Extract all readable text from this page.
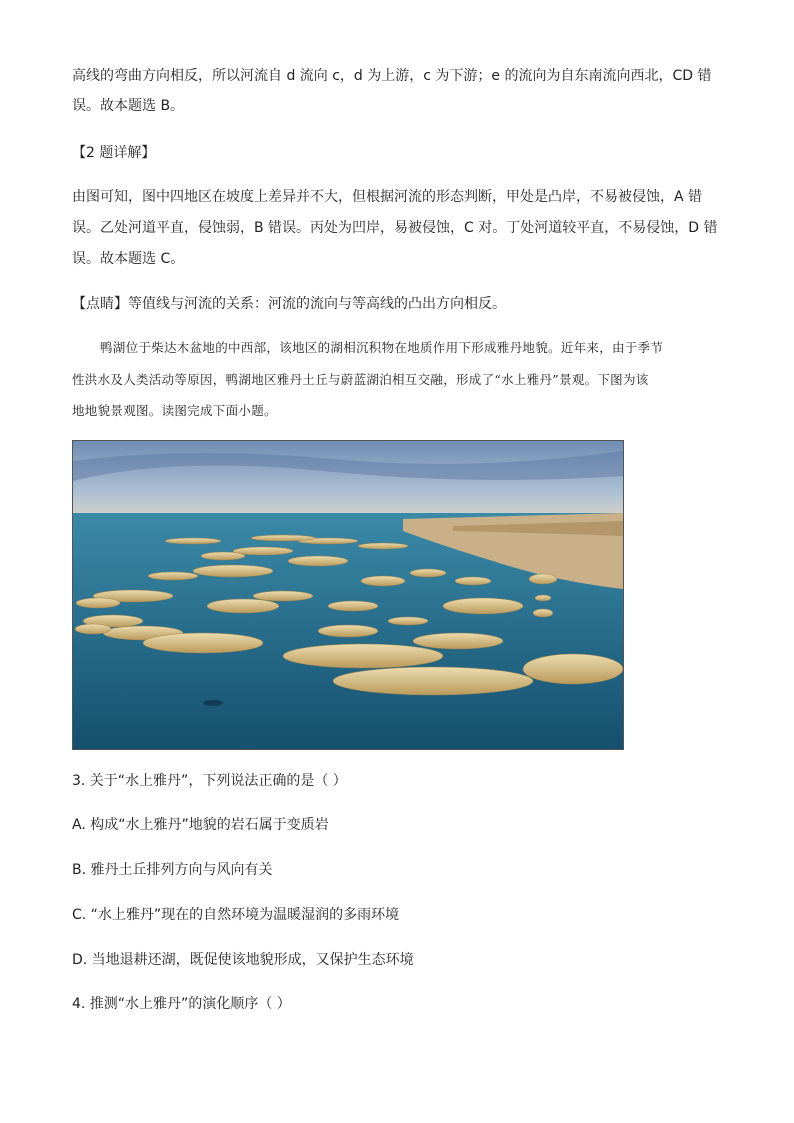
高线的弯曲方向相反，所以河流自 d 流向 c，d 为上游，c 为下游；e 的流向为自东南流向西北，CD 错
误。故本题选 B。
【2 题详解】
由图可知，图中四地区在坡度上差异并不大，但根据河流的形态判断，甲处是凸岸，不易被侵蚀，A 错
误。乙处河道平直，侵蚀弱，B 错误。丙处为凹岸，易被侵蚀，C 对。丁处河道较平直，不易侵蚀，D 错
误。故本题选 C。
【点睛】等值线与河流的关系：河流的流向与等高线的凸出方向相反。
鸭湖位于柴达木盆地的中西部，该地区的湖相沉积物在地质作用下形成雅丹地貌。近年来，由于季节
性洪水及人类活动等原因，鸭湖地区雅丹土丘与蔚蓝湖泊相互交融，形成了“水上雅丹”景观。下图为该
地地貌景观图。读图完成下面小题。
3. 关于“水上雅丹”，下列说法正确的是（ ）
A. 构成“水上雅丹”地貌的岩石属于变质岩
B. 雅丹土丘排列方向与风向有关
C. “水上雅丹”现在的自然环境为温暖湿润的多雨环境
D. 当地退耕还湖，既促使该地貌形成，又保护生态环境
4. 推测“水上雅丹”的演化顺序（ ）
